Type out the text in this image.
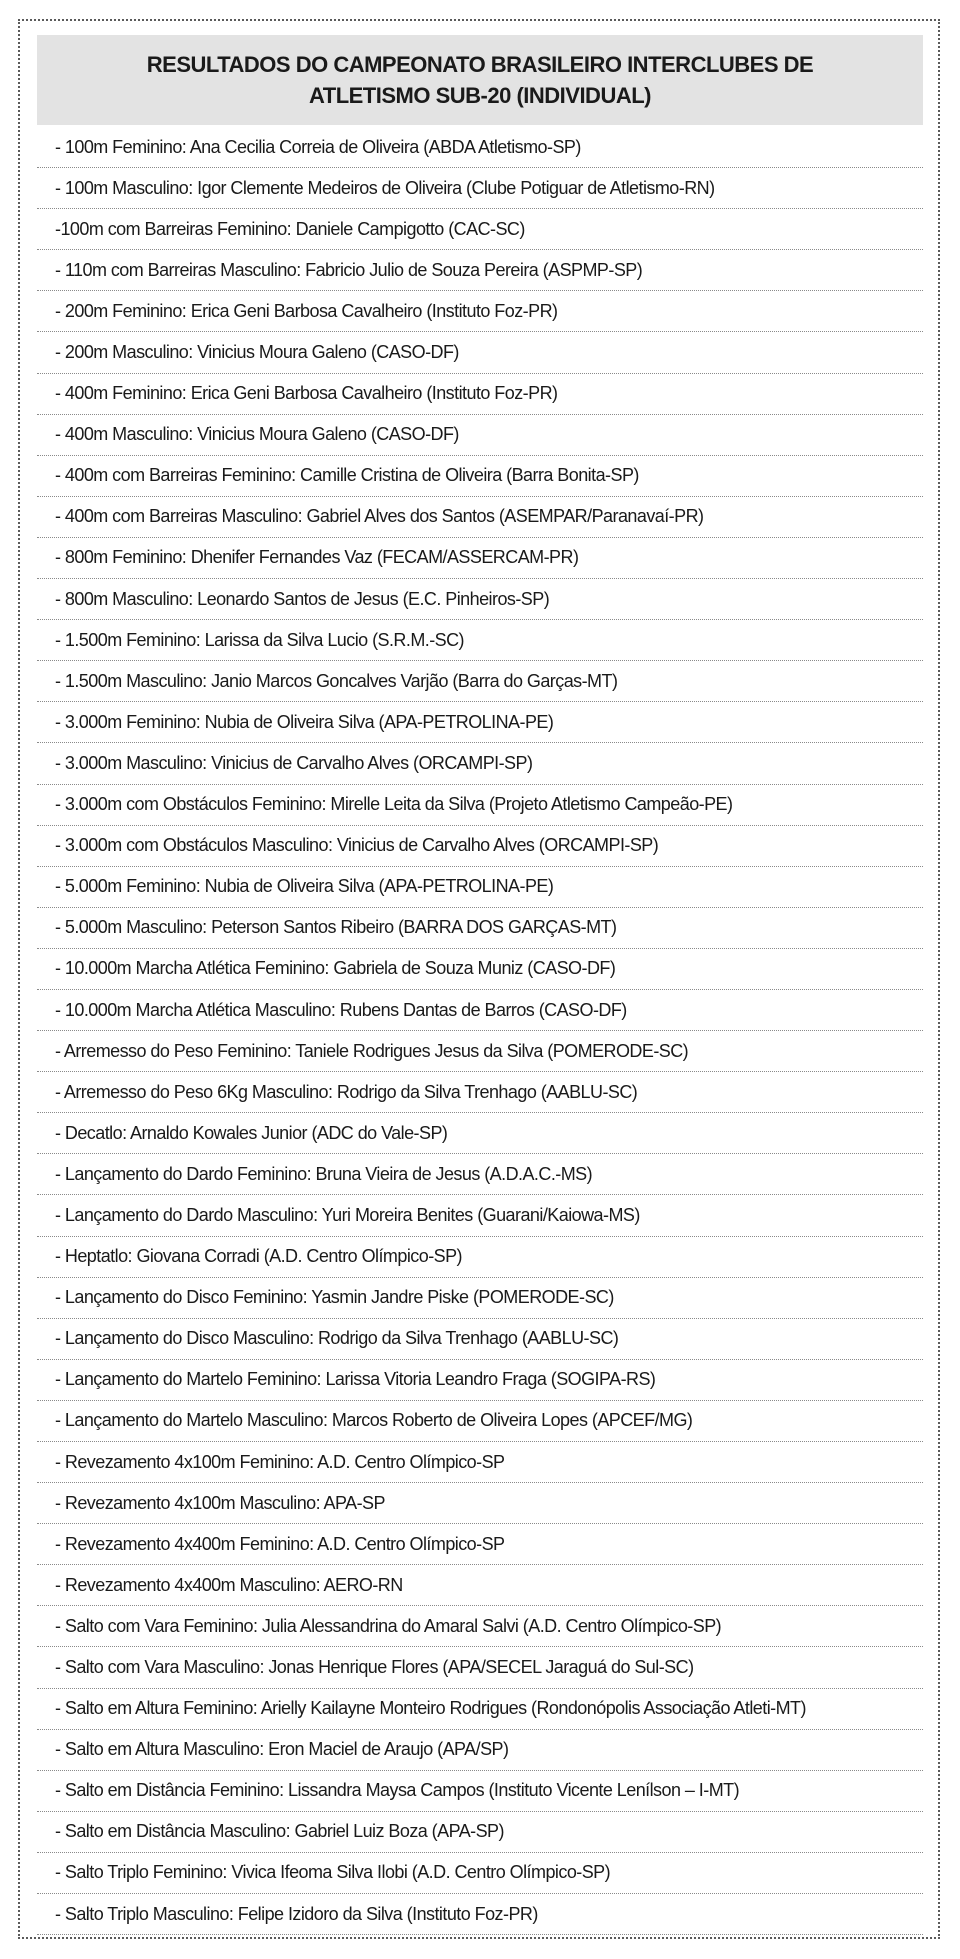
RESULTADOS DO CAMPEONATO BRASILEIRO INTERCLUBES DE
ATLETISMO SUB-20 (INDIVIDUAL)
- 100m Feminino: Ana Cecilia Correia de Oliveira (ABDA Atletismo-SP)
- 100m Masculino: Igor Clemente Medeiros de Oliveira (Clube Potiguar de Atletismo-RN)
-100m com Barreiras Feminino: Daniele Campigotto (CAC-SC)
- 110m com Barreiras Masculino: Fabricio Julio de Souza Pereira (ASPMP-SP)
- 200m Feminino: Erica Geni Barbosa Cavalheiro (Instituto Foz-PR)
- 200m Masculino: Vinicius Moura Galeno (CASO-DF)
- 400m Feminino: Erica Geni Barbosa Cavalheiro (Instituto Foz-PR)
- 400m Masculino: Vinicius Moura Galeno (CASO-DF)
- 400m com Barreiras Feminino: Camille Cristina de Oliveira (Barra Bonita-SP)
- 400m com Barreiras Masculino: Gabriel Alves dos Santos (ASEMPAR/Paranavaí-PR)
- 800m Feminino: Dhenifer Fernandes Vaz (FECAM/ASSERCAM-PR)
- 800m Masculino: Leonardo Santos de Jesus (E.C. Pinheiros-SP)
- 1.500m Feminino: Larissa da Silva Lucio (S.R.M.-SC)
- 1.500m Masculino: Janio Marcos Goncalves Varjão (Barra do Garças-MT)
- 3.000m Feminino: Nubia de Oliveira Silva (APA-PETROLINA-PE)
- 3.000m Masculino: Vinicius de Carvalho Alves (ORCAMPI-SP)
- 3.000m com Obstáculos Feminino: Mirelle Leita da Silva (Projeto Atletismo Campeão-PE)
- 3.000m com Obstáculos Masculino: Vinicius de Carvalho Alves (ORCAMPI-SP)
- 5.000m Feminino: Nubia de Oliveira Silva (APA-PETROLINA-PE)
- 5.000m Masculino: Peterson Santos Ribeiro (BARRA DOS GARÇAS-MT)
- 10.000m Marcha Atlética Feminino: Gabriela de Souza Muniz (CASO-DF)
- 10.000m Marcha Atlética Masculino: Rubens Dantas de Barros (CASO-DF)
- Arremesso do Peso Feminino: Taniele Rodrigues Jesus da Silva (POMERODE-SC)
- Arremesso do Peso 6Kg Masculino: Rodrigo da Silva Trenhago (AABLU-SC)
- Decatlo: Arnaldo Kowales Junior (ADC do Vale-SP)
- Lançamento do Dardo Feminino: Bruna Vieira de Jesus (A.D.A.C.-MS)
- Lançamento do Dardo Masculino: Yuri Moreira Benites (Guarani/Kaiowa-MS)
- Heptatlo: Giovana Corradi (A.D. Centro Olímpico-SP)
- Lançamento do Disco Feminino: Yasmin Jandre Piske (POMERODE-SC)
- Lançamento do Disco Masculino: Rodrigo da Silva Trenhago (AABLU-SC)
- Lançamento do Martelo Feminino: Larissa Vitoria Leandro Fraga (SOGIPA-RS)
- Lançamento do Martelo Masculino: Marcos Roberto de Oliveira Lopes (APCEF/MG)
- Revezamento 4x100m Feminino: A.D. Centro Olímpico-SP
- Revezamento 4x100m Masculino: APA-SP
- Revezamento 4x400m Feminino: A.D. Centro Olímpico-SP
- Revezamento 4x400m Masculino: AERO-RN
- Salto com Vara Feminino: Julia Alessandrina do Amaral Salvi (A.D. Centro Olímpico-SP)
- Salto com Vara Masculino: Jonas Henrique Flores (APA/SECEL Jaraguá do Sul-SC)
- Salto em Altura Feminino: Arielly Kailayne Monteiro Rodrigues (Rondonópolis Associação Atleti-MT)
- Salto em Altura Masculino: Eron Maciel de Araujo (APA/SP)
- Salto em Distância Feminino: Lissandra Maysa Campos (Instituto Vicente Lenílson – I-MT)
- Salto em Distância Masculino: Gabriel Luiz Boza (APA-SP)
- Salto Triplo Feminino: Vivica Ifeoma Silva Ilobi (A.D. Centro Olímpico-SP)
- Salto Triplo Masculino: Felipe Izidoro da Silva (Instituto Foz-PR)
